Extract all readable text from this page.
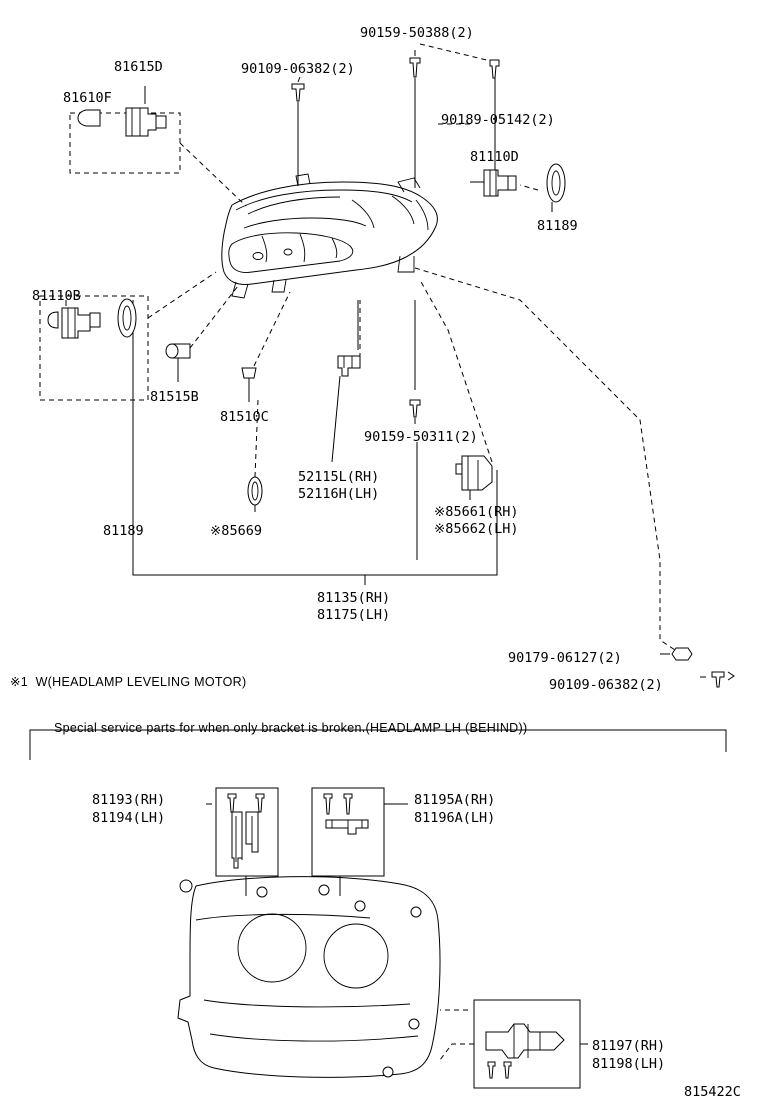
90159-50388(2)
81615D	90109-06382(2)
81610F
90189-05142(2)
81110D
81189
81110B
81515B
81510C
90159-50311(2)
52115L(RH)
52116H(LH)
※85661(RH)
※85662(LH)
81189	※85669
81135(RH)
81175(LH)
90179-06127(2)
90109-06382(2)
81193(RH)
81194(LH)
81195A(RH)
81196A(LH)
81197(RH)
81198(LH)
※1  W(HEADLAMP LEVELING MOTOR)
Special service parts for when only bracket is broken.(HEADLAMP LH (BEHIND))
815422C
